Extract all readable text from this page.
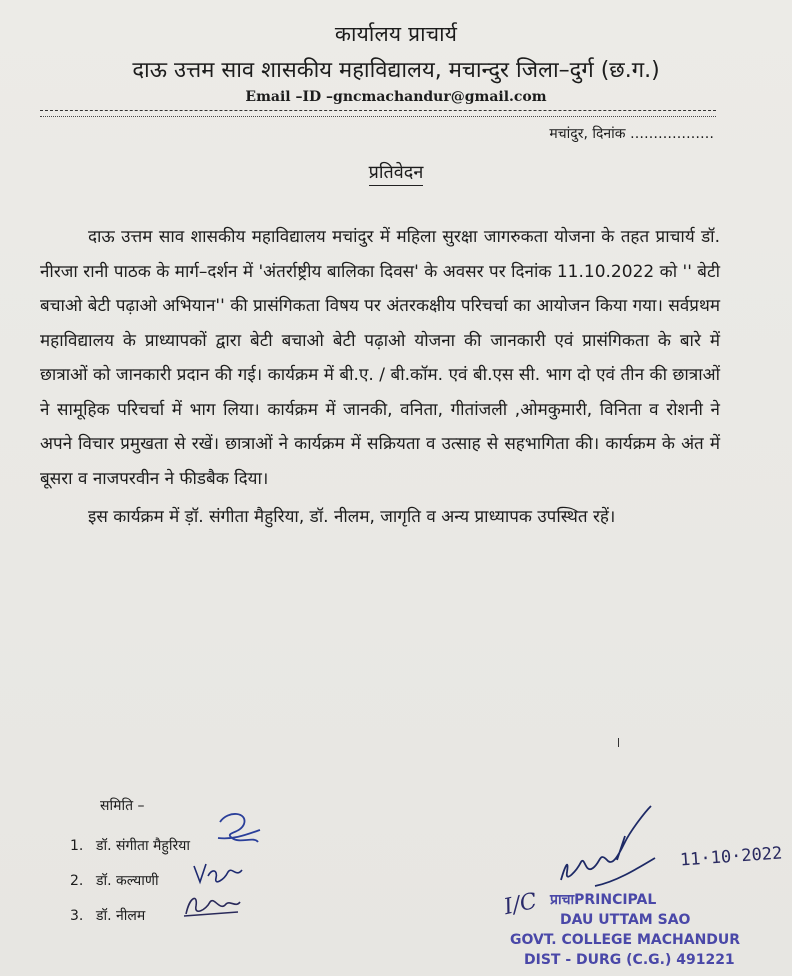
कार्यालय प्राचार्य
दाऊ उत्तम साव शासकीय महाविद्यालय, मचान्दुर जिला–दुर्ग (छ.ग.)
Email –ID –gncmachandur@gmail.com
मचांदुर, दिनांक ………………
प्रतिवेदन

दाऊ उत्तम साव शासकीय महाविद्यालय मचांदुर में महिला सुरक्षा जागरुकता योजना के तहत प्राचार्य डॉ. नीरजा रानी पाठक के मार्ग–दर्शन में 'अंतर्राष्ट्रीय बालिका दिवस' के अवसर पर दिनांक 11.10.2022 को '' बेटी बचाओ बेटी पढ़ाओ अभियान'' की प्रासंगिकता विषय पर अंतरकक्षीय परिचर्चा का आयोजन किया गया। सर्वप्रथम महाविद्यालय के प्राध्यापकों द्वारा बेटी बचाओ बेटी पढ़ाओ योजना की जानकारी एवं प्रासंगिकता के बारे में छात्राओं को जानकारी प्रदान की गई। कार्यक्रम में बी.ए. / बी.कॉम. एवं बी.एस सी. भाग दो एवं तीन की छात्राओं ने सामूहिक परिचर्चा में भाग लिया। कार्यक्रम में जानकी, वनिता, गीतांजली ,ओमकुमारी, विनिता व रोशनी ने अपने विचार प्रमुखता से रखें। छात्राओं ने कार्यक्रम में सक्रियता व उत्साह से सहभागिता की। कार्यक्रम के अंत में बूसरा व नाजपरवीन ने फीडबैक दिया।

इस कार्यक्रम में ड़ॉ. संगीता मैहुरिया, डॉ. नीलम, जागृति व अन्य प्राध्यापक उपस्थित रहें।

समिति –
1. डॉ. संगीता मैहुरिया
2. डॉ. कल्याणी
3. डॉ. नीलम
11·10·2022
I/C प्राचाPRINCIPAL
DAU UTTAM SAO
GOVT. COLLEGE MACHANDUR
DIST - DURG (C.G.) 491221
